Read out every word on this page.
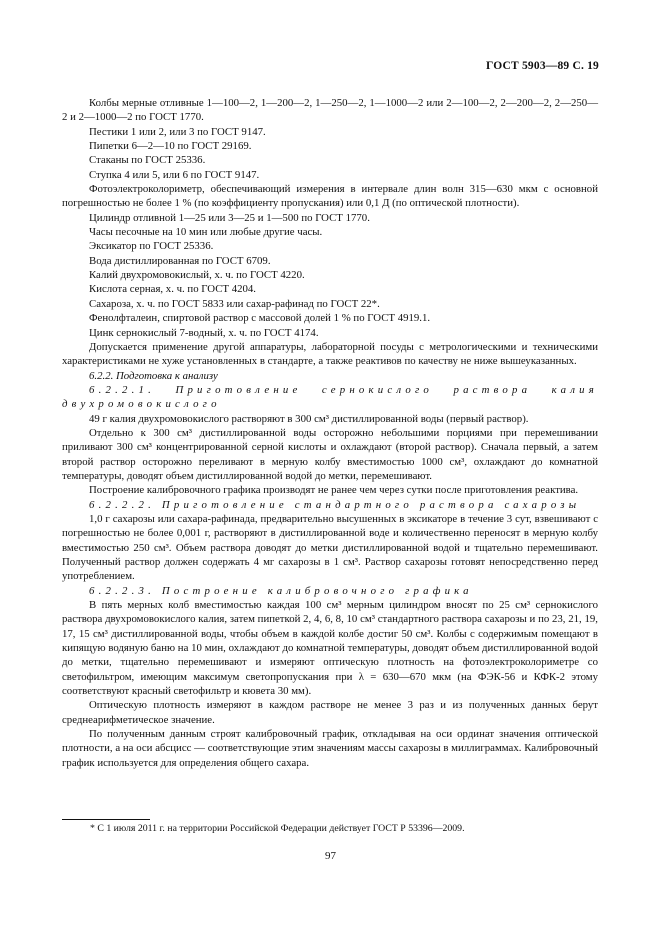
ГОСТ 5903—89 С. 19

Колбы мерные отливные 1—100—2, 1—200—2, 1—250—2, 1—1000—2 или 2—100—2, 2—200—2, 2—250—2 и 2—1000—2 по ГОСТ 1770.

Пестики 1 или 2, или 3 по ГОСТ 9147.

Пипетки 6—2—10 по ГОСТ 29169.

Стаканы по ГОСТ 25336.

Ступка 4 или 5, или 6 по ГОСТ 9147.

Фотоэлектроколориметр, обеспечивающий измерения в интервале длин волн 315—630 мкм с основной погрешностью не более 1 % (по коэффициенту пропускания) или 0,1 Д (по оптической плотности).

Цилиндр отливной 1—25 или 3—25 и 1—500 по ГОСТ 1770.

Часы песочные на 10 мин или любые другие часы.

Эксикатор по ГОСТ 25336.

Вода дистиллированная по ГОСТ 6709.

Калий двухромовокислый, х. ч. по ГОСТ 4220.

Кислота серная, х. ч. по ГОСТ 4204.

Сахароза, х. ч. по ГОСТ 5833 или сахар-рафинад по ГОСТ 22*.

Фенолфталеин, спиртовой раствор с массовой долей 1 % по ГОСТ 4919.1.

Цинк сернокислый 7-водный, х. ч. по ГОСТ 4174.

Допускается применение другой аппаратуры, лабораторной посуды с метрологическими и техническими характеристиками не хуже установленных в стандарте, а также реактивов по качеству не ниже вышеуказанных.

6.2.2. Подготовка к анализу

6.2.2.1. Приготовление сернокислого раствора калия двухромовокислого

49 г калия двухромовокислого растворяют в 300 см³ дистиллированной воды (первый раствор).

Отдельно к 300 см³ дистиллированной воды осторожно небольшими порциями при перемешивании приливают 300 см³ концентрированной серной кислоты и охлаждают (второй раствор). Сначала первый, а затем второй раствор осторожно переливают в мерную колбу вместимостью 1000 см³, охлаждают до комнатной температуры, доводят объем дистиллированной водой до метки, перемешивают.

Построение калибровочного графика производят не ранее чем через сутки после приготовления реактива.

6.2.2.2. Приготовление стандартного раствора сахарозы

1,0 г сахарозы или сахара-рафинада, предварительно высушенных в эксикаторе в течение 3 сут, взвешивают с погрешностью не более 0,001 г, растворяют в дистиллированной воде и количественно переносят в мерную колбу вместимостью 250 см³. Объем раствора доводят до метки дистиллированной водой и тщательно перемешивают. Полученный раствор должен содержать 4 мг сахарозы в 1 см³. Раствор сахарозы готовят непосредственно перед употреблением.

6.2.2.3. Построение калибровочного графика

В пять мерных колб вместимостью каждая 100 см³ мерным цилиндром вносят по 25 см³ сернокислого раствора двухромовокислого калия, затем пипеткой 2, 4, 6, 8, 10 см³ стандартного раствора сахарозы и по 23, 21, 19, 17, 15 см³ дистиллированной воды, чтобы объем в каждой колбе достиг 50 см³. Колбы с содержимым помещают в кипящую водяную баню на 10 мин, охлаждают до комнатной температуры, доводят объем дистиллированной водой до метки, тщательно перемешивают и измеряют оптическую плотность на фотоэлектроколориметре со светофильтром, имеющим максимум светопропускания при λ = 630—670 мкм (на ФЭК-56 и КФК-2 этому соответствуют красный светофильтр и кювета 30 мм).

Оптическую плотность измеряют в каждом растворе не менее 3 раз и из полученных данных берут среднеарифметическое значение.

По полученным данным строят калибровочный график, откладывая на оси ординат значения оптической плотности, а на оси абсцисс — соответствующие этим значениям массы сахарозы в миллиграммах. Калибровочный график используется для определения общего сахара.

* С 1 июля 2011 г. на территории Российской Федерации действует ГОСТ Р 53396—2009.
97
